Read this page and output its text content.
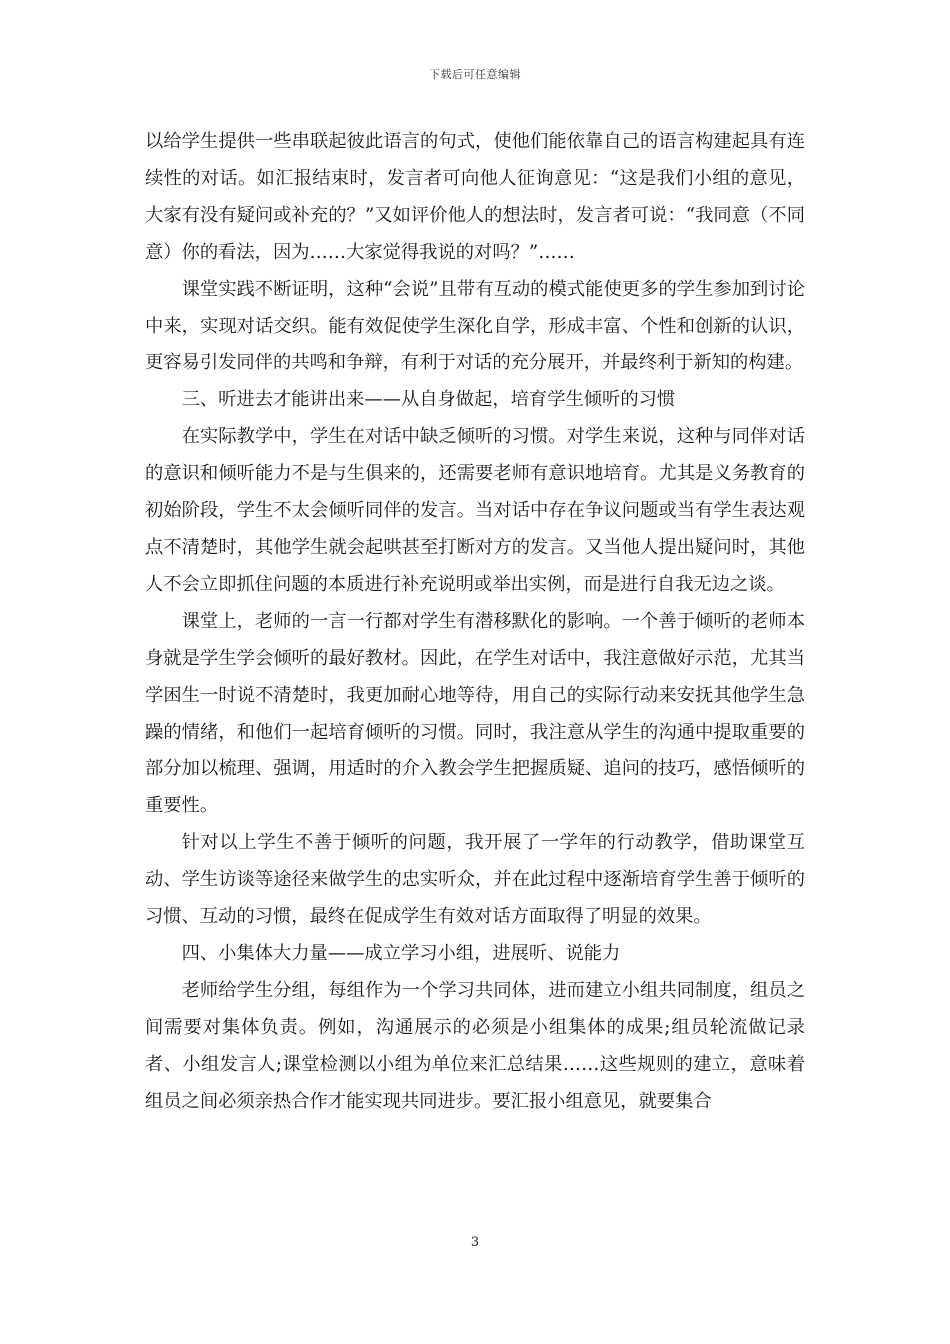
下载后可任意编辑

以给学生提供一些串联起彼此语言的句式，使他们能依靠自己的语言构建起具有连续性的对话。如汇报结束时，发言者可向他人征询意见：“这是我们小组的意见，大家有没有疑问或补充的？”又如评价他人的想法时，发言者可说：“我同意（不同意）你的看法，因为……大家觉得我说的对吗？”……

课堂实践不断证明，这种“会说”且带有互动的模式能使更多的学生参加到讨论中来，实现对话交织。能有效促使学生深化自学，形成丰富、个性和创新的认识，更容易引发同伴的共鸣和争辩，有利于对话的充分展开，并最终利于新知的构建。

三、听进去才能讲出来——从自身做起，培育学生倾听的习惯

在实际教学中，学生在对话中缺乏倾听的习惯。对学生来说，这种与同伴对话的意识和倾听能力不是与生俱来的，还需要老师有意识地培育。尤其是义务教育的初始阶段，学生不太会倾听同伴的发言。当对话中存在争议问题或当有学生表达观点不清楚时，其他学生就会起哄甚至打断对方的发言。又当他人提出疑问时，其他人不会立即抓住问题的本质进行补充说明或举出实例，而是进行自我无边之谈。

课堂上，老师的一言一行都对学生有潜移默化的影响。一个善于倾听的老师本身就是学生学会倾听的最好教材。因此，在学生对话中，我注意做好示范，尤其当学困生一时说不清楚时，我更加耐心地等待，用自己的实际行动来安抚其他学生急躁的情绪，和他们一起培育倾听的习惯。同时，我注意从学生的沟通中提取重要的部分加以梳理、强调，用适时的介入教会学生把握质疑、追问的技巧，感悟倾听的重要性。

针对以上学生不善于倾听的问题，我开展了一学年的行动教学，借助课堂互动、学生访谈等途径来做学生的忠实听众，并在此过程中逐渐培育学生善于倾听的习惯、互动的习惯，最终在促成学生有效对话方面取得了明显的效果。

四、小集体大力量——成立学习小组，进展听、说能力

老师给学生分组，每组作为一个学习共同体，进而建立小组共同制度，组员之间需要对集体负责。例如，沟通展示的必须是小组集体的成果;组员轮流做记录者、小组发言人;课堂检测以小组为单位来汇总结果……这些规则的建立，意味着组员之间必须亲热合作才能实现共同进步。要汇报小组意见，就要集合

3
